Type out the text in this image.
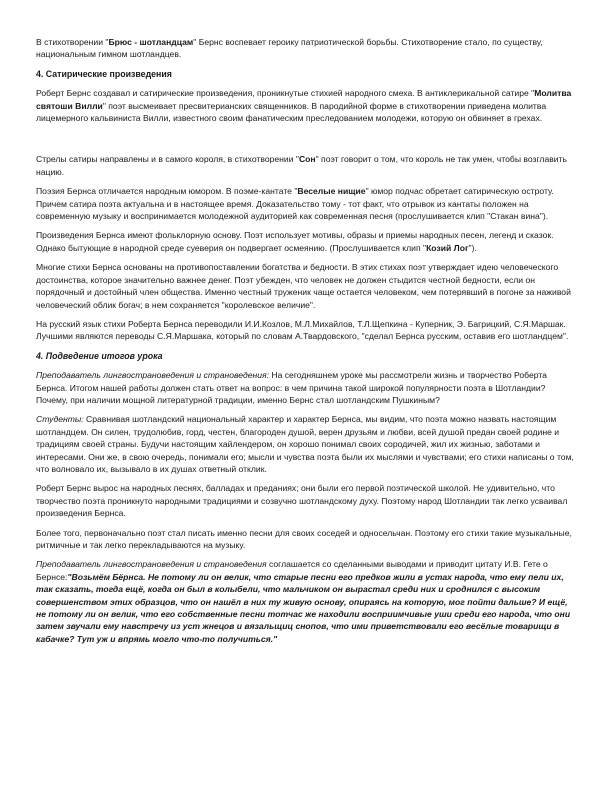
В стихотворении "Брюс - шотландцам" Бернс воспевает героику патриотической борьбы. Стихотворение стало, по существу, национальным гимном шотландцев.

4. Сатирические произведения

Роберт Бернс создавал и сатирические произведения, проникнутые стихией народного смеха. В антиклерикальной сатире "Молитва святоши Вилли" поэт высмеивает пресвитерианских священников. В пародийной форме в стихотворении приведена молитва лицемерного кальвиниста Вилли, известного своим фанатическим преследованием молодежи, которую он обвиняет в грехах.

Стрелы сатиры направлены и в самого короля, в стихотворении "Сон" поэт говорит о том, что король не так умен, чтобы возглавить нацию.

Поэзия Бернса отличается народным юмором. В поэме-кантате "Веселые нищие" юмор подчас обретает сатирическую остроту. Причем сатира поэта актуальна и в настоящее время. Доказательство тому - тот факт, что отрывок из кантаты положен на современную музыку и воспринимается молодежной аудиторией как современная песня (прослушивается клип "Стакан вина").

Произведения Бернса имеют фольклорную основу. Поэт использует мотивы, образы и приемы народных песен, легенд и сказок. Однако бытующие в народной среде суеверия он подвергает осмеянию. (Прослушивается клип "Козий Лог").

Многие стихи Бернса основаны на противопоставлении богатства и бедности. В этих стихах поэт утверждает идею человеческого достоинства, которое значительно важнее денег. Поэт убежден, что человек не должен стыдится честной бедности, если он порядочный и достойный член общества. Именно честный труженик чаще остается человеком, чем потерявший в погоне за наживой человеческий облик богач; в нем сохраняется "королевское величие".

На русский язык стихи Роберта Бернса переводили И.И.Козлов, М.Л.Михайлов, Т.Л.Щепкина - Куперник, Э. Багрицкий, С.Я.Маршак. Лучшими являются переводы С.Я.Маршака, который по словам А.Твардовского, "сделал Бернса русским, оставив его шотландцем".

4. Подведение итогов урока

Преподаватель лингвострановедения и страноведения: На сегодняшнем уроке мы рассмотрели жизнь и творчество Роберта Бернса. Итогом нашей работы должен стать ответ на вопрос: в чем причина такой широкой популярности поэта в Шотландии? Почему, при наличии мощной литературной традиции, именно Бернс стал шотландским Пушкиным?

Студенты: Сравнивая шотландский национальный характер и характер Бернса, мы видим, что поэта можно назвать настоящим шотландцем. Он силен, трудолюбив, горд, честен, благороден душой, верен друзьям и любви, всей душой предан своей родине и традициям своей страны. Будучи настоящим хайлендером, он хорошо понимал своих сородичей, жил их жизнью, заботами и интересами. Они же, в свою очередь, понимали его; мысли и чувства поэта были их мыслями и чувствами; его стихи написаны о том, что волновало их, вызывало в их душах ответный отклик.

Роберт Бернс вырос на народных песнях, балладах и преданиях; они были его первой поэтической школой. Не удивительно, что творчество поэта проникнуто народными традициями и созвучно шотландскому духу. Поэтому народ Шотландии так легко усваивал произведения Бернса.

Более того, первоначально поэт стал писать именно песни для своих соседей и односельчан. Поэтому его стихи такие музыкальные, ритмичные и так легко перекладываются на музыку.

Преподаватель лингвострановедения и страноведения соглашается со сделанными выводами и приводит цитату И.В. Гете о Бернсе:"Возьмём Бёрнса. Не потому ли он велик, что старые песни его предков жили в устах народа, что ему пели их, так сказать, тогда ещё, когда он был в колыбели, что мальчиком он вырастал среди них и сроднился с высоким совершенством этих образцов, что он нашёл в них ту живую основу, опираясь на которую, мог пойти дальше? И ещё, не потому ли он велик, что его собственные песни тотчас же находили восприимчивые уши среди его народа, что они затем звучали ему навстречу из уст жнецов и вязальщиц снопов, что ими приветствовали его весёлые товарищи в кабачке? Тут уж и впрямь могло что-то получиться."
